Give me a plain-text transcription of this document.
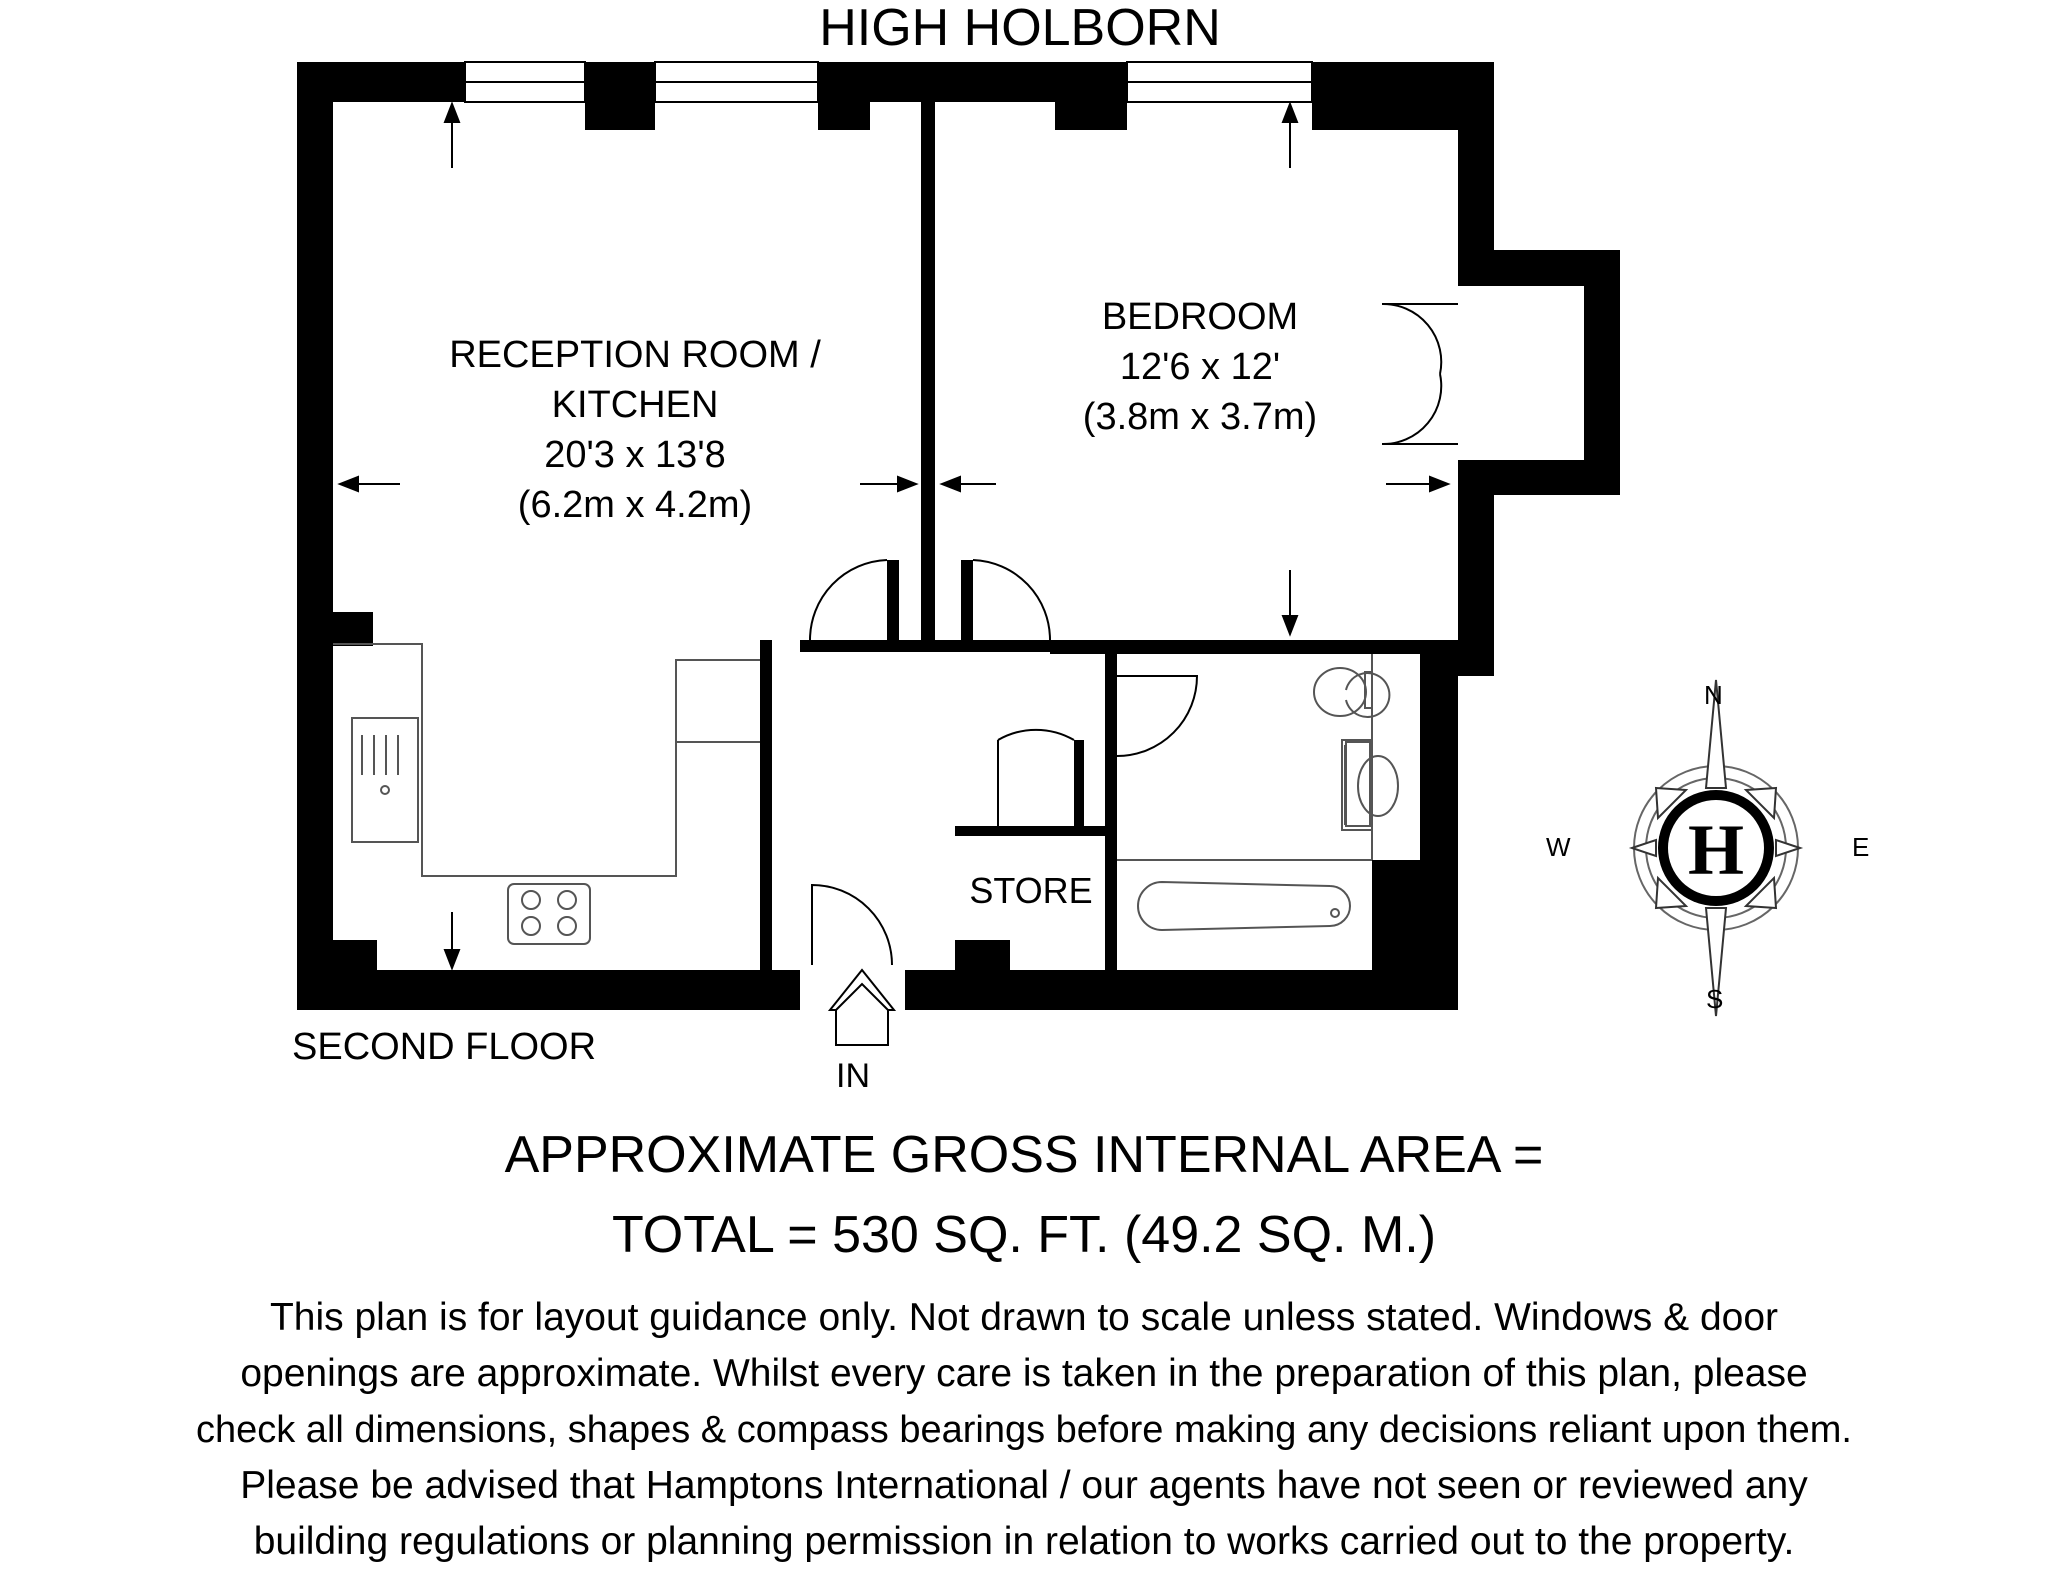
HIGH HOLBORN
H
RECEPTION ROOM /
KITCHEN
20'3 x 13'8
(6.2m x 4.2m)
BEDROOM
12'6 x 12'
(3.8m x 3.7m)
STORE
SECOND FLOOR
IN
N
S
W	E
APPROXIMATE GROSS INTERNAL AREA =
TOTAL = 530 SQ. FT. (49.2 SQ. M.)
This plan is for layout guidance only. Not drawn to scale unless stated. Windows & door
openings are approximate. Whilst every care is taken in the preparation of this plan, please
check all dimensions, shapes & compass bearings before making any decisions reliant upon them.
Please be advised that Hamptons International / our agents have not seen or reviewed any
building regulations or planning permission in relation to works carried out to the property.
